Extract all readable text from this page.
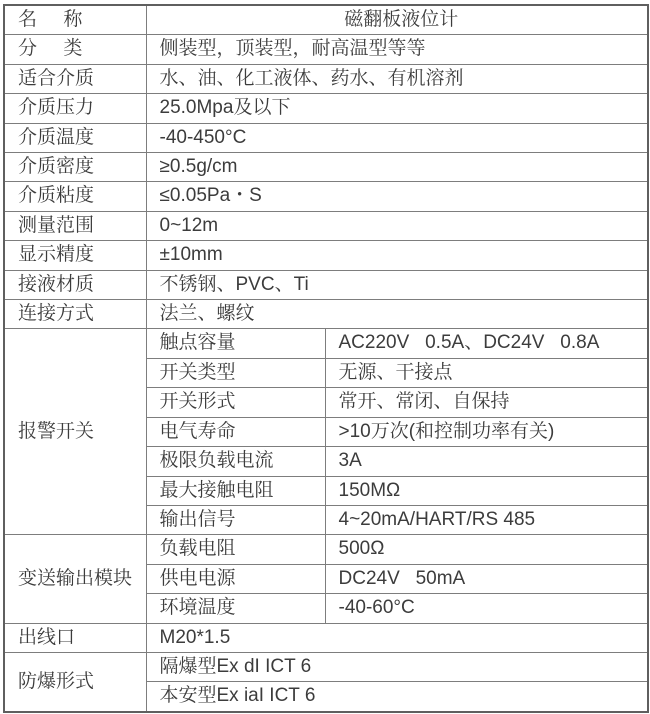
名     称	磁翻板液位计	
分     类	侧装型，顶装型，耐高温型等等	
适合介质	水、油、化工液体、药水、有机溶剂	
介质压力	25.0Mpa及以下	
介质温度	-40-450°C	
介质密度	≥0.5g/cm	
介质粘度	≤0.05Pa・S	
测量范围	0~12m	
显示精度	±10mm	
接液材质	不锈钢、PVC、Ti	
连接方式	法兰、螺纹	
报警开关	触点容量	AC220V   0.5A、DC24V   0.8A
	开关类型	无源、干接点
	开关形式	常开、常闭、自保持
	电气寿命	>10万次(和控制功率有关)
	极限负载电流	3A
	最大接触电阻	150MΩ
	输出信号	4~20mA/HART/RS 485
变送输出模块	负载电阻	500Ω
	供电电源	DC24V   50mA
	环境温度	-40-60°C
出线口	M20*1.5	
防爆形式	隔爆型Ex dI ICT 6	
	本安型Ex iaI ICT 6	
